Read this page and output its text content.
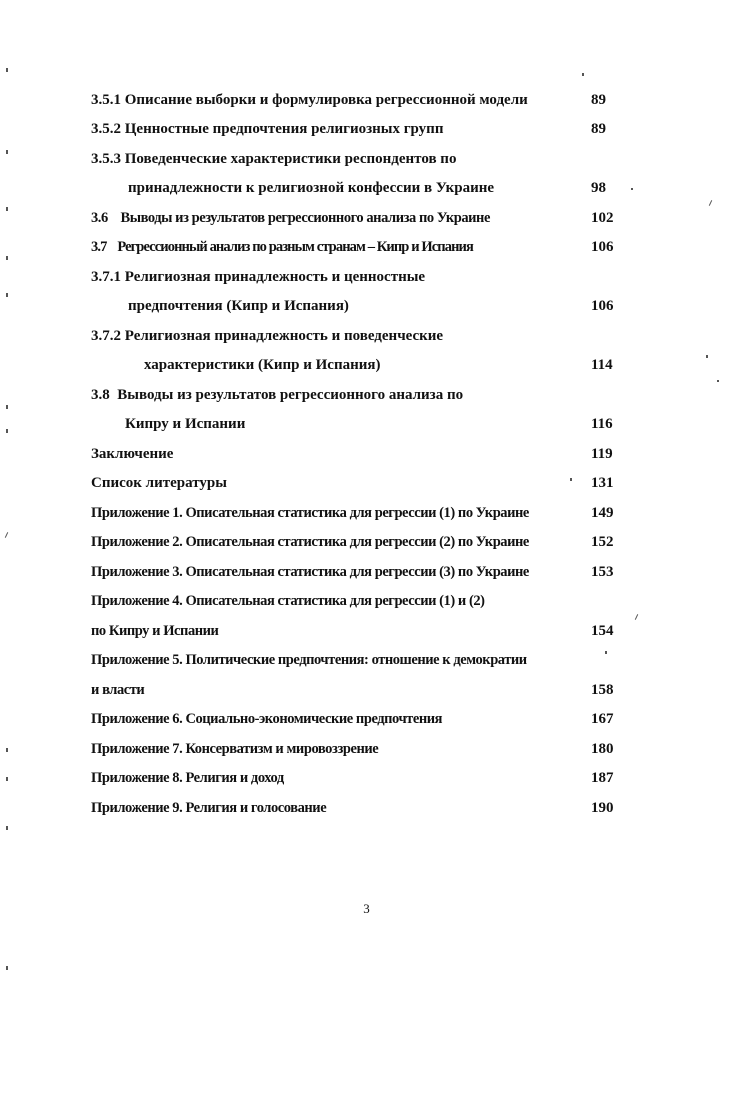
3.5.1 Описание выборки и формулировка регрессионной модели	89
3.5.2 Ценностные предпочтения религиозных групп	89
3.5.3 Поведенческие характеристики респондентов по
принадлежности к религиозной конфессии в Украине	98
3.6    Выводы из результатов регрессионного анализа по Украине	102
3.7    Регрессионный анализ по разным странам – Кипр и Испания	106
3.7.1 Религиозная принадлежность и ценностные
предпочтения (Кипр и Испания)	106
3.7.2 Религиозная принадлежность и поведенческие
характеристики (Кипр и Испания)	114
3.8  Выводы из результатов регрессионного анализа по
Кипру и Испании	116
Заключение	119
Список литературы	131
Приложение 1. Описательная статистика для регрессии (1) по Украине	149
Приложение 2. Описательная статистика для регрессии (2) по Украине	152
Приложение 3. Описательная статистика для регрессии (3) по Украине	153
Приложение 4. Описательная статистика для регрессии (1) и (2)
по Кипру и Испании	154
Приложение 5. Политические предпочтения: отношение к демократии
и власти	158
Приложение 6. Социально-экономические предпочтения	167
Приложение 7. Консерватизм и мировоззрение	180
Приложение 8. Религия и доход	187
Приложение 9. Религия и голосование	190
3
